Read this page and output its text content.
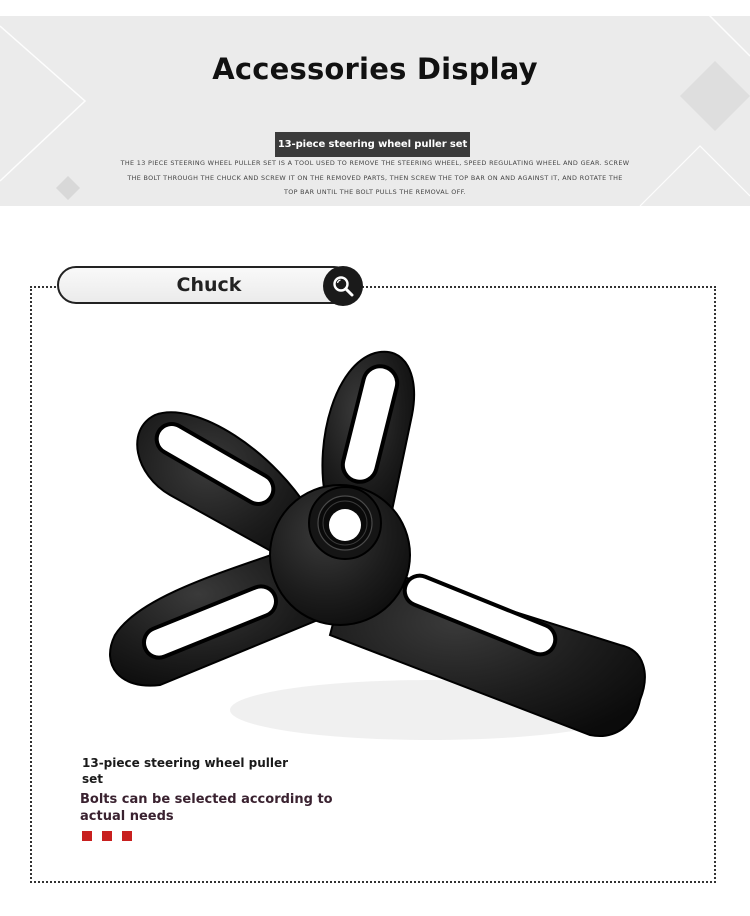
Accessories Display
13-piece steering wheel puller set
THE 13 PIECE STEERING WHEEL PULLER SET IS A TOOL USED TO REMOVE THE STEERING WHEEL, SPEED REGULATING WHEEL AND GEAR. SCREW THE BOLT THROUGH THE CHUCK AND SCREW IT ON THE REMOVED PARTS, THEN SCREW THE TOP BAR ON AND AGAINST IT, AND ROTATE THE TOP BAR UNTIL THE BOLT PULLS THE REMOVAL OFF.
Chuck
13-piece steering wheel puller set
Bolts can be selected according to actual needs
